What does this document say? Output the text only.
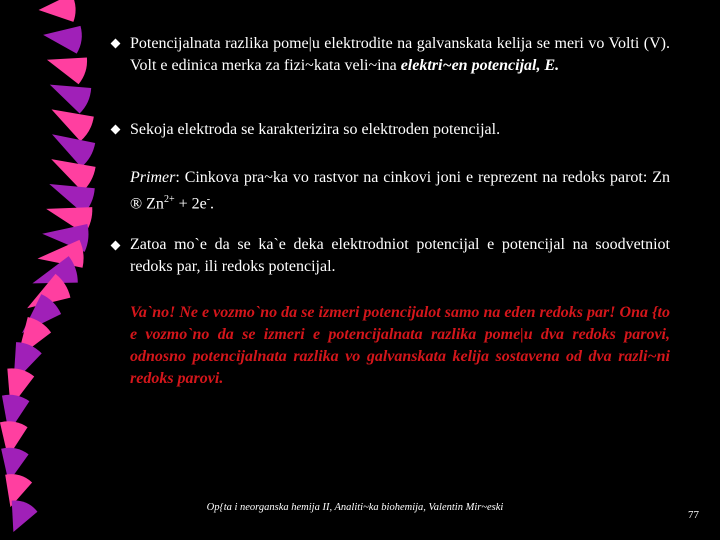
Potencijalnata razlika pome|u elektrodite na galvanskata kelija se meri vo Volti (V). Volt e edinica merka za fizi~kata veli~ina elektri~en potencijal, E.

Sekoja elektroda se karakterizira so elektroden potencijal.

Primer: Cinkova pra~ka vo rastvor na cinkovi joni e reprezent na redoks parot: Zn ® $Zn^{2+} + 2e^-$.

Zatoa mo`e da se ka`e deka elektrodniot potencijal e potencijal na soodvetniot redoks par, ili redoks potencijal.

Va`no! Ne e vozmo`no da se izmeri potencijalot samo na eden redoks par! Ona {to e vozmo`no da se izmeri e potencijalnata razlika pome|u dva redoks parovi, odnosno potencijalnata razlika vo galvanskata kelija sostavena od dva razli~ni redoks parovi.

Op{ta i neorganska hemija II, Analiti~ka biohemija, Valentin Mir~eski
77
